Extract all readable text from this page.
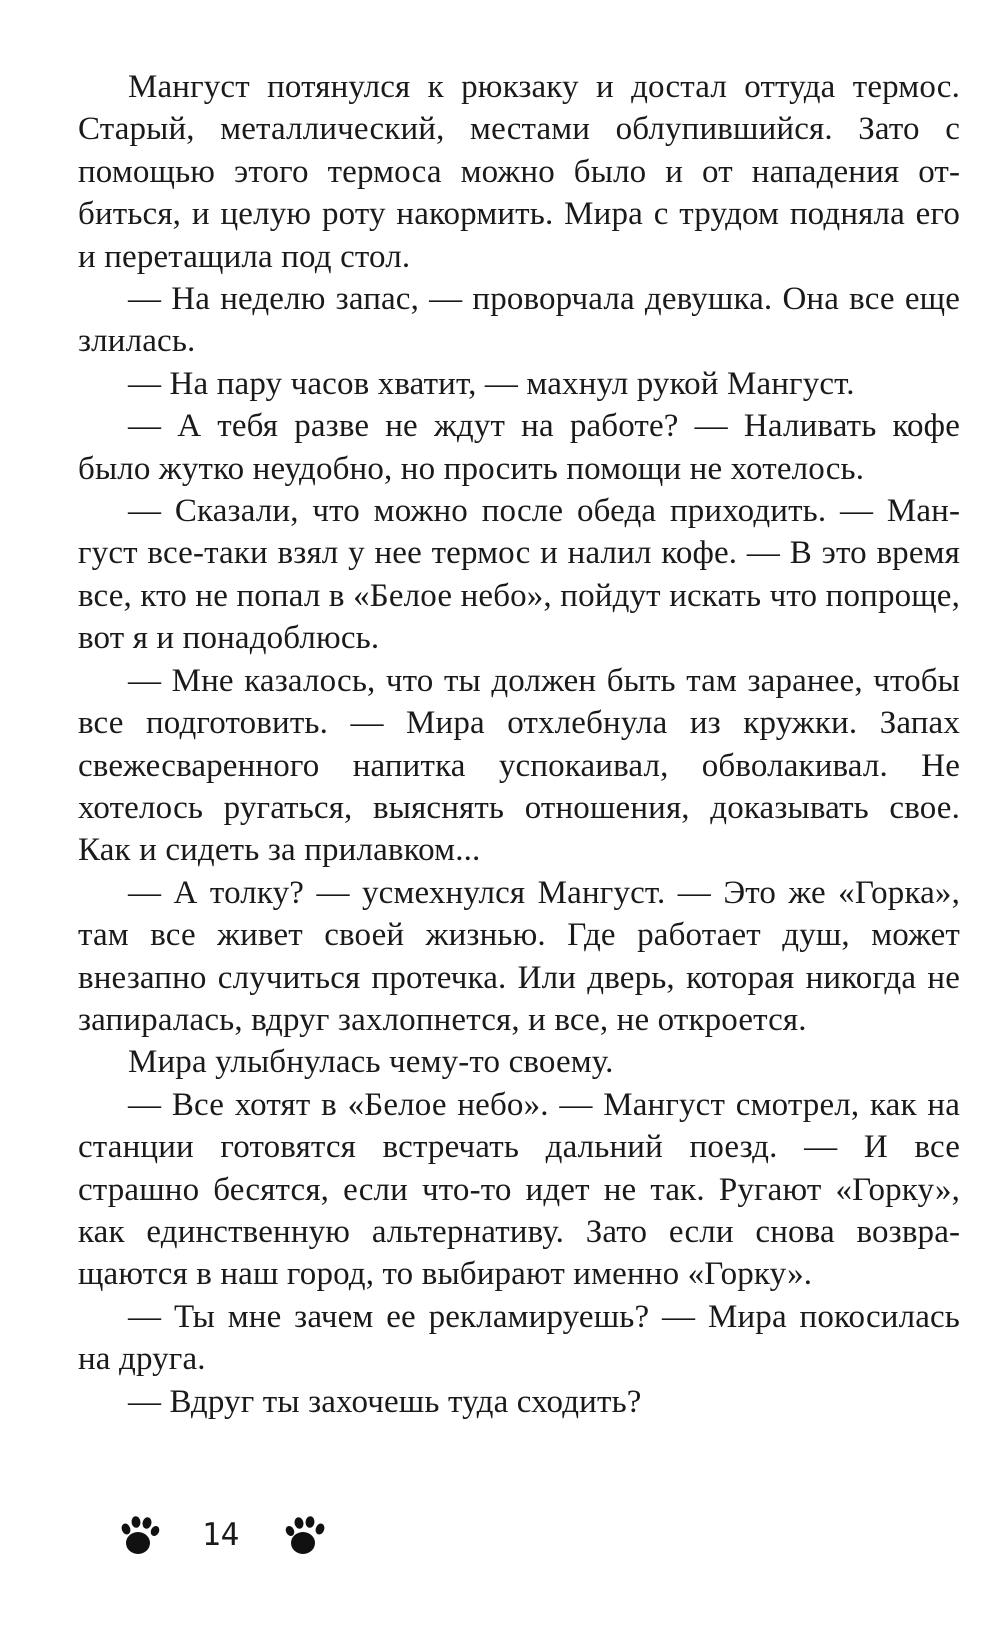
Мангуст потянулся к рюкзаку и достал оттуда термос. Старый, металлический, местами облупившийся. Зато с помощью этого термоса можно было и от нападения отбиться, и целую роту накормить. Мира с трудом подняла его и перетащила под стол.

— На неделю запас, — проворчала девушка. Она все еще злилась.

— На пару часов хватит, — махнул рукой Мангуст.

— А тебя разве не ждут на работе? — Наливать кофе было жутко неудобно, но просить помощи не хотелось.

— Сказали, что можно после обеда приходить. — Мангуст все-таки взял у нее термос и налил кофе. — В это время все, кто не попал в «Белое небо», пойдут искать что попроще, вот я и понадоблюсь.

— Мне казалось, что ты должен быть там заранее, чтобы все подготовить. — Мира отхлебнула из кружки. Запах свежесваренного напитка успокаивал, обволакивал. Не хотелось ругаться, выяснять отношения, доказывать свое. Как и сидеть за прилавком...

— А толку? — усмехнулся Мангуст. — Это же «Горка», там все живет своей жизнью. Где работает душ, может внезапно случиться протечка. Или дверь, которая никогда не запиралась, вдруг захлопнется, и все, не откроется.

Мира улыбнулась чему-то своему.

— Все хотят в «Белое небо». — Мангуст смотрел, как на станции готовятся встречать дальний поезд. — И все страшно бесятся, если что-то идет не так. Ругают «Горку», как единственную альтернативу. Зато если снова возвращаются в наш город, то выбирают именно «Горку».

— Ты мне зачем ее рекламируешь? — Мира покосилась на друга.

— Вдруг ты захочешь туда сходить?

14
